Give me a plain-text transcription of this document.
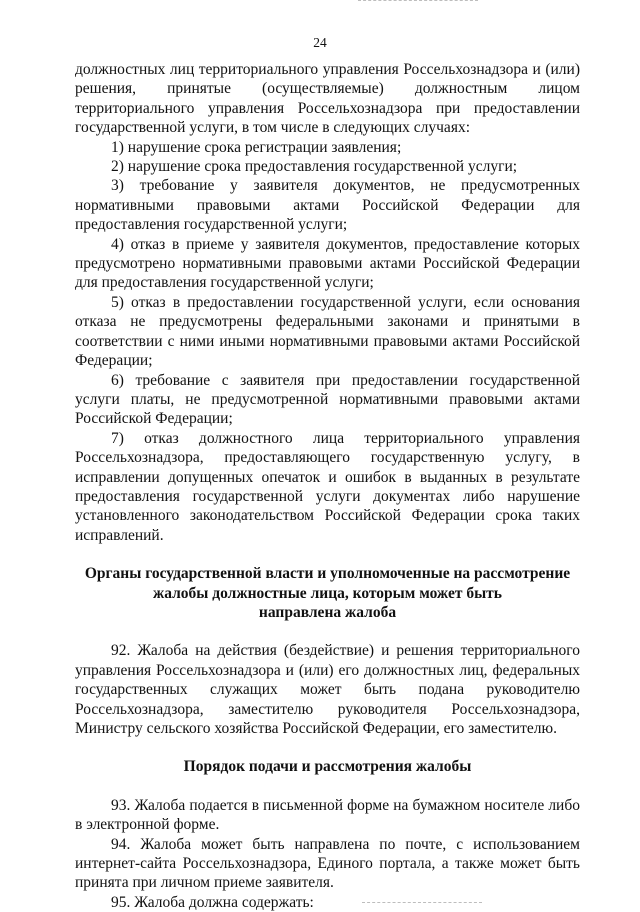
24

должностных лиц территориального управления Россельхознадзора и (или)

решения, принятые (осуществляемые) должностным лицом

территориального управления Россельхознадзора при предоставлении

государственной услуги, в том числе в следующих случаях:

1) нарушение срока регистрации заявления;

2) нарушение срока предоставления государственной услуги;

3) требование у заявителя документов, не предусмотренных нормативными правовыми актами Российской Федерации для предоставления государственной услуги;

4) отказ в приеме у заявителя документов, предоставление которых предусмотрено нормативными правовыми актами Российской Федерации для предоставления государственной услуги;

5) отказ в предоставлении государственной услуги, если основания отказа не предусмотрены федеральными законами и принятыми в соответствии с ними иными нормативными правовыми актами Российской Федерации;

6) требование с заявителя при предоставлении государственной услуги платы, не предусмотренной нормативными правовыми актами Российской Федерации;

7) отказ должностного лица территориального управления Россельхознадзора, предоставляющего государственную услугу, в исправлении допущенных опечаток и ошибок в выданных в результате предоставления государственной услуги документах либо нарушение установленного законодательством Российской Федерации срока таких исправлений.

Органы государственной власти и уполномоченные на рассмотрение

жалобы должностные лица, которым может быть

направлена жалоба

92. Жалоба на действия (бездействие) и решения территориального управления Россельхознадзора и (или) его должностных лиц, федеральных государственных служащих может быть подана руководителю Россельхознадзора, заместителю руководителя Россельхознадзора, Министру сельского хозяйства Российской Федерации, его заместителю.

Порядок подачи и рассмотрения жалобы

93. Жалоба подается в письменной форме на бумажном носителе либо в электронной форме.

94. Жалоба может быть направлена по почте, с использованием интернет-сайта Россельхознадзора, Единого портала, а также может быть принята при личном приеме заявителя.

95. Жалоба должна содержать:
